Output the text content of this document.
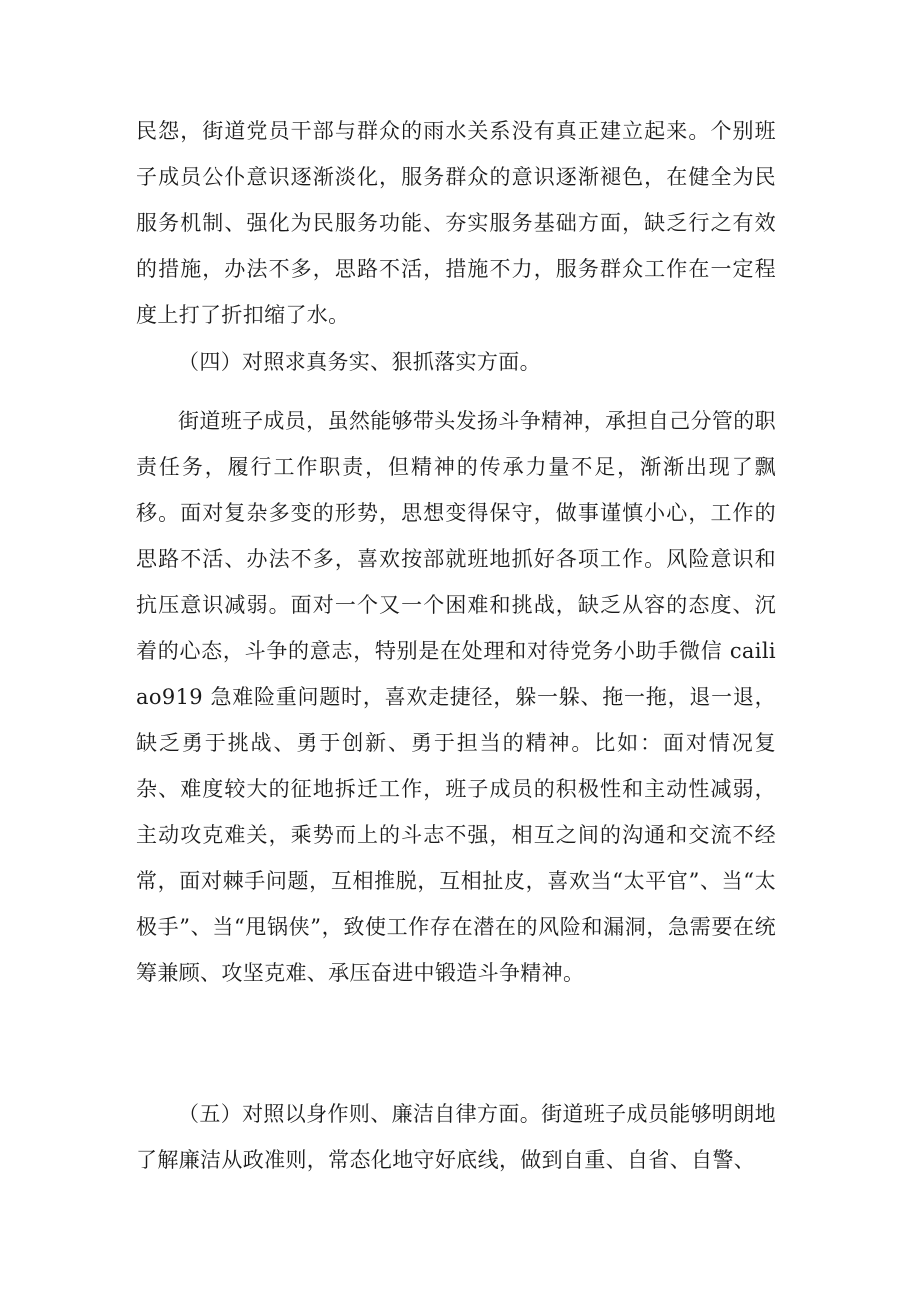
民怨，街道党员干部与群众的雨水关系没有真正建立起来。个别班子成员公仆意识逐渐淡化，服务群众的意识逐渐褪色，在健全为民服务机制、强化为民服务功能、夯实服务基础方面，缺乏行之有效的措施，办法不多，思路不活，措施不力，服务群众工作在一定程度上打了折扣缩了水。

（四）对照求真务实、狠抓落实方面。

街道班子成员，虽然能够带头发扬斗争精神，承担自己分管的职责任务，履行工作职责，但精神的传承力量不足，渐渐出现了飘移。面对复杂多变的形势，思想变得保守，做事谨慎小心，工作的思路不活、办法不多，喜欢按部就班地抓好各项工作。风险意识和抗压意识减弱。面对一个又一个困难和挑战，缺乏从容的态度、沉着的心态，斗争的意志，特别是在处理和对待党务小助手微信 cailiao919 急难险重问题时，喜欢走捷径，躲一躲、拖一拖，退一退，缺乏勇于挑战、勇于创新、勇于担当的精神。比如：面对情况复杂、难度较大的征地拆迁工作，班子成员的积极性和主动性减弱，主动攻克难关，乘势而上的斗志不强，相互之间的沟通和交流不经常，面对棘手问题，互相推脱，互相扯皮，喜欢当“太平官”、当“太极手”、当“甩锅侠”，致使工作存在潜在的风险和漏洞，急需要在统筹兼顾、攻坚克难、承压奋进中锻造斗争精神。

（五）对照以身作则、廉洁自律方面。街道班子成员能够明朗地了解廉洁从政准则，常态化地守好底线，做到自重、自省、自警、
